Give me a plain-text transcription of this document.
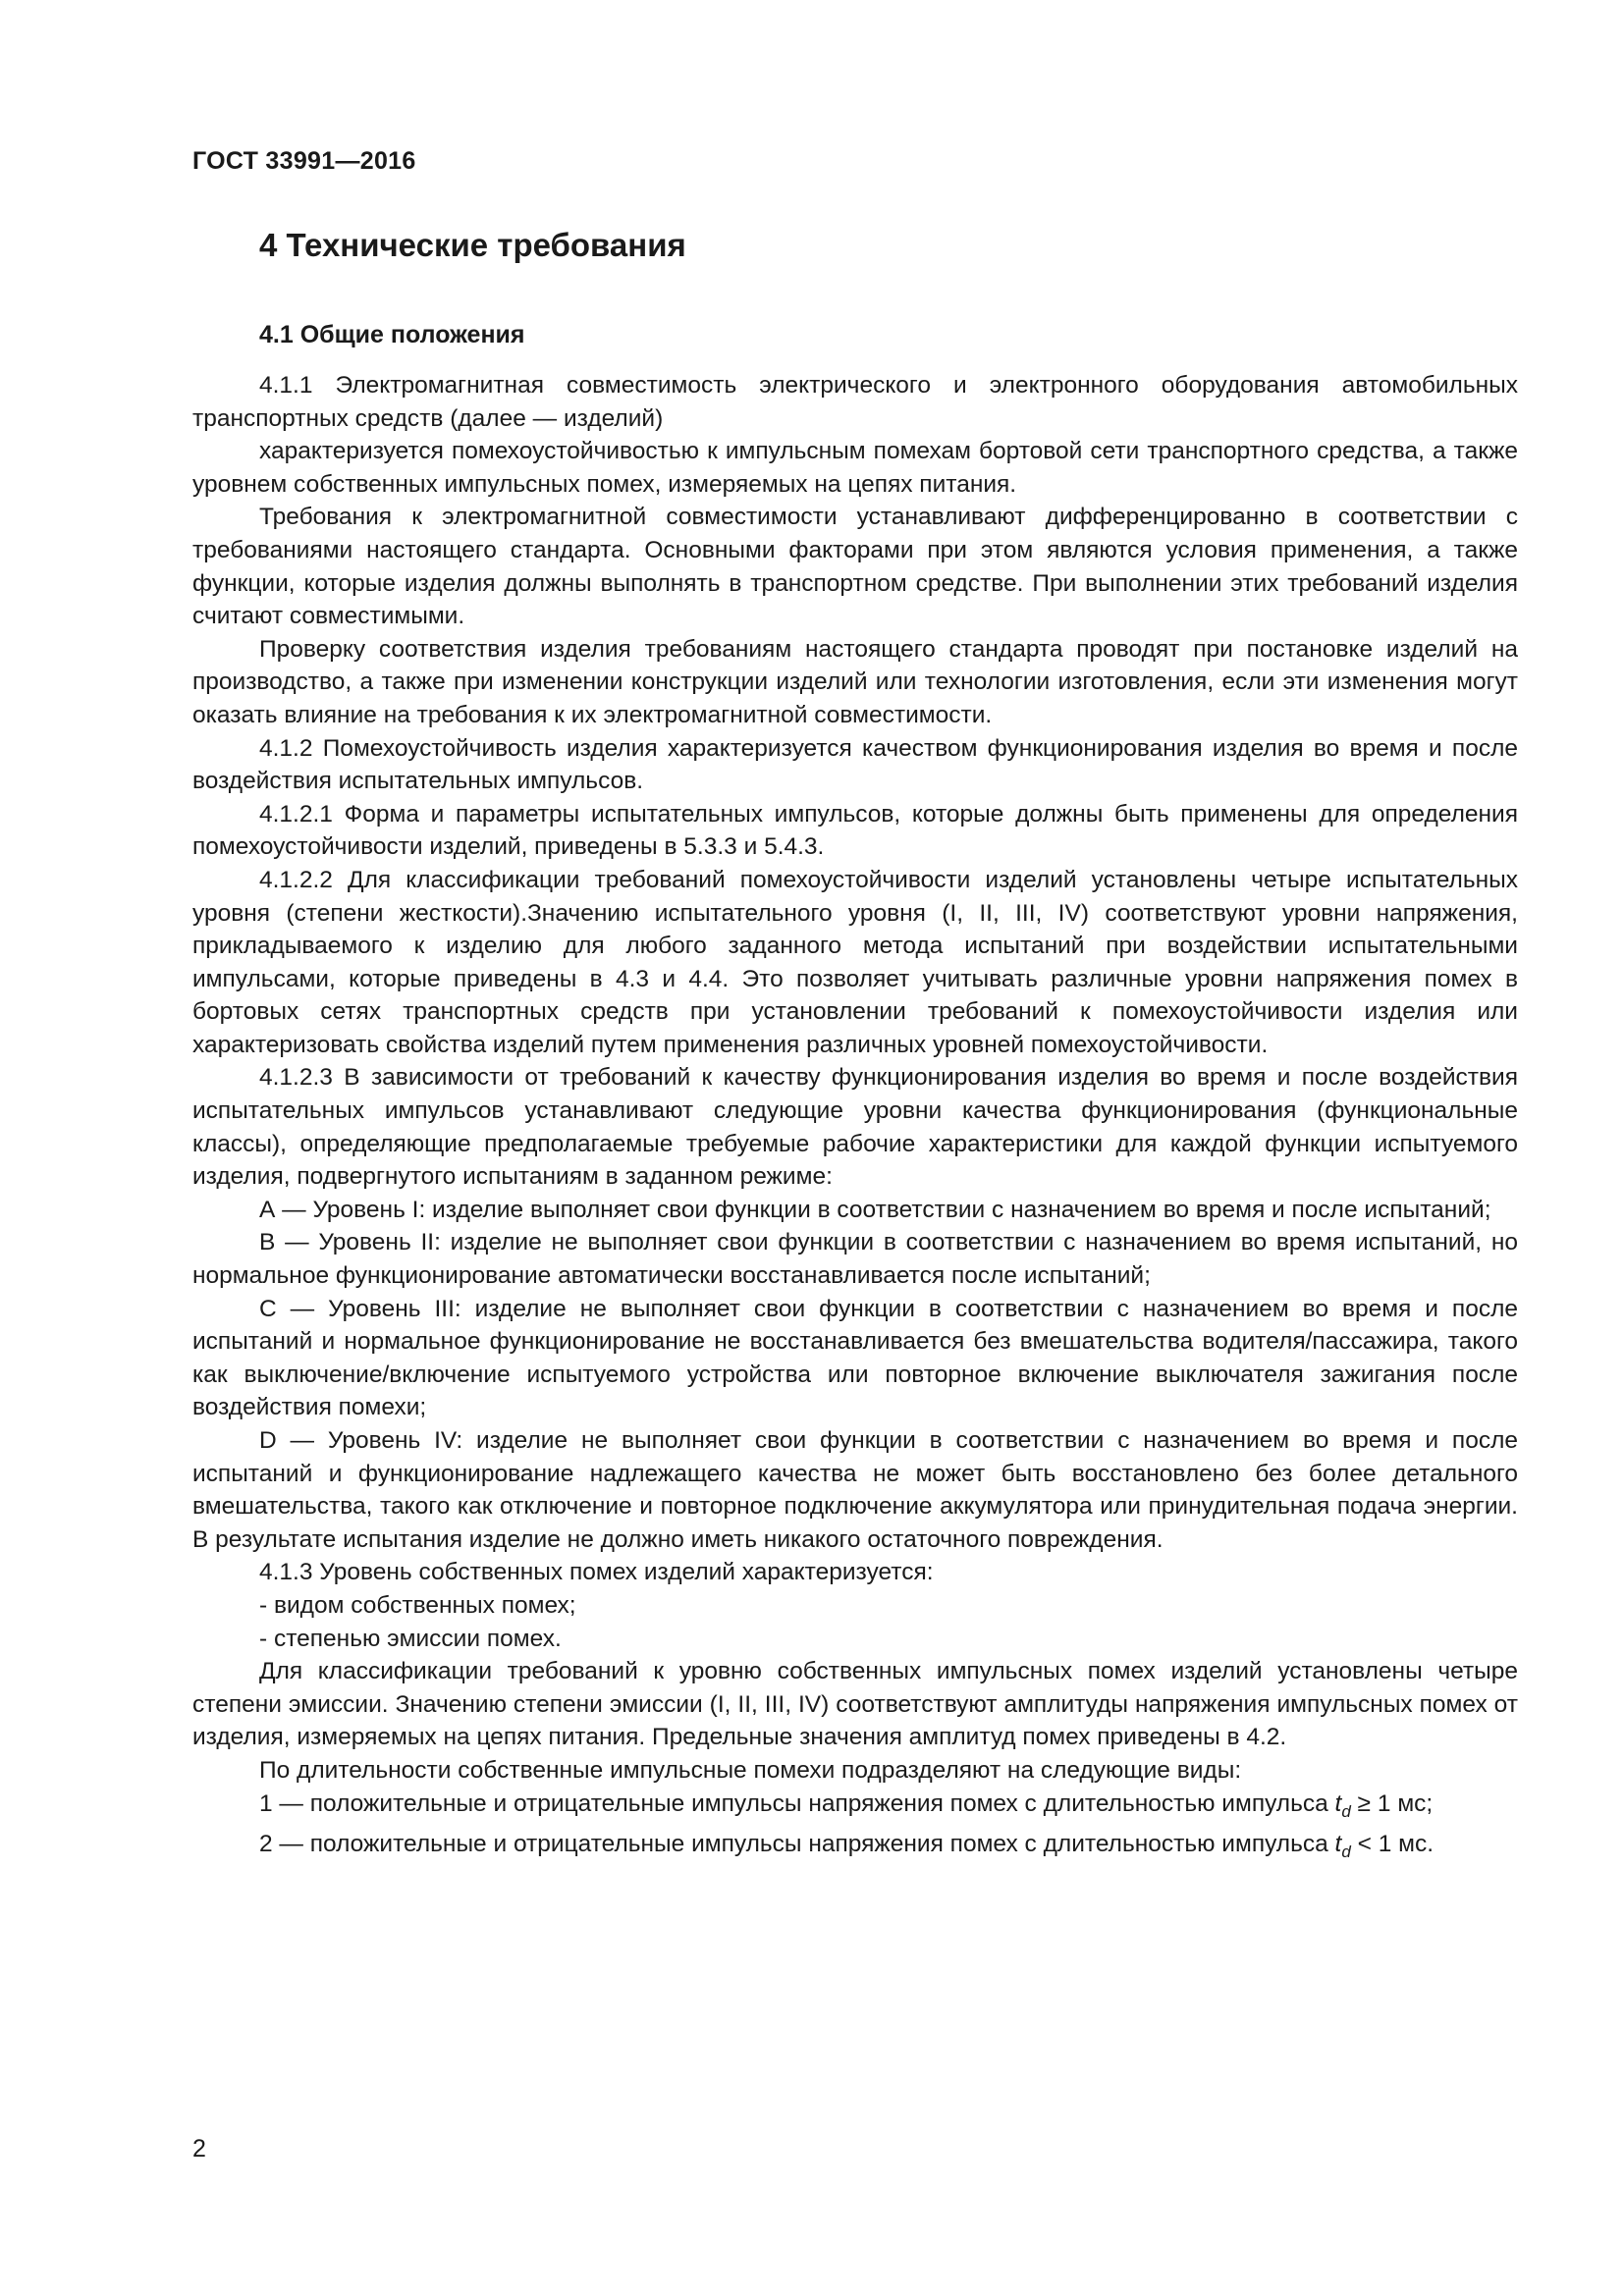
ГОСТ 33991—2016
4 Технические требования
4.1 Общие положения

4.1.1 Электромагнитная совместимость электрического и электронного оборудования автомобильных транспортных средств (далее — изделий)

характеризуется помехоустойчивостью к импульсным помехам бортовой сети транспортного средства, а также уровнем собственных импульсных помех, измеряемых на цепях питания.

Требования к электромагнитной совместимости устанавливают дифференцированно в соответствии с требованиями настоящего стандарта. Основными факторами при этом являются условия применения, а также функции, которые изделия должны выполнять в транспортном средстве. При выполнении этих требований изделия считают совместимыми.

Проверку соответствия изделия требованиям настоящего стандарта проводят при постановке изделий на производство, а также при изменении конструкции изделий или технологии изготовления, если эти изменения могут оказать влияние на требования к их электромагнитной совместимости.

4.1.2 Помехоустойчивость изделия характеризуется качеством функционирования изделия во время и после воздействия испытательных импульсов.

4.1.2.1 Форма и параметры испытательных импульсов, которые должны быть применены для определения помехоустойчивости изделий, приведены в 5.3.3 и 5.4.3.

4.1.2.2 Для классификации требований помехоустойчивости изделий установлены четыре испытательных уровня (степени жесткости).Значению испытательного уровня (I, II, III, IV) соответствуют уровни напряжения, прикладываемого к изделию для любого заданного метода испытаний при воздействии испытательными импульсами, которые приведены в 4.3 и 4.4. Это позволяет учитывать различные уровни напряжения помех в бортовых сетях транспортных средств при установлении требований к помехоустойчивости изделия или характеризовать свойства изделий путем применения различных уровней помехоустойчивости.

4.1.2.3 В зависимости от требований к качеству функционирования изделия во время и после воздействия испытательных импульсов устанавливают следующие уровни качества функционирования (функциональные классы), определяющие предполагаемые требуемые рабочие характеристики для каждой функции испытуемого изделия, подвергнутого испытаниям в заданном режиме:

А — Уровень I: изделие выполняет свои функции в соответствии с назначением во время и после испытаний;

В — Уровень II: изделие не выполняет свои функции в соответствии с назначением во время испытаний, но нормальное функционирование автоматически восстанавливается после испытаний;

С — Уровень III: изделие не выполняет свои функции в соответствии с назначением во время и после испытаний и нормальное функционирование не восстанавливается без вмешательства водителя/пассажира, такого как выключение/включение испытуемого устройства или повторное включение выключателя зажигания после воздействия помехи;

D — Уровень IV: изделие не выполняет свои функции в соответствии с назначением во время и после испытаний и функционирование надлежащего качества не может быть восстановлено без более детального вмешательства, такого как отключение и повторное подключение аккумулятора или принудительная подача энергии. В результате испытания изделие не должно иметь никакого остаточного повреждения.

4.1.3 Уровень собственных помех изделий характеризуется:

- видом собственных помех;

- степенью эмиссии помех.

Для классификации требований к уровню собственных импульсных помех изделий установлены четыре степени эмиссии. Значению степени эмиссии (I, II, III, IV) соответствуют амплитуды напряжения импульсных помех от изделия, измеряемых на цепях питания. Предельные значения амплитуд помех приведены в 4.2.

По длительности собственные импульсные помехи подразделяют на следующие виды:

1 — положительные и отрицательные импульсы напряжения помех с длительностью импульса $t_d \ge 1$ мс;

2 — положительные и отрицательные импульсы напряжения помех с длительностью импульса $t_d < 1$ мс.

2
